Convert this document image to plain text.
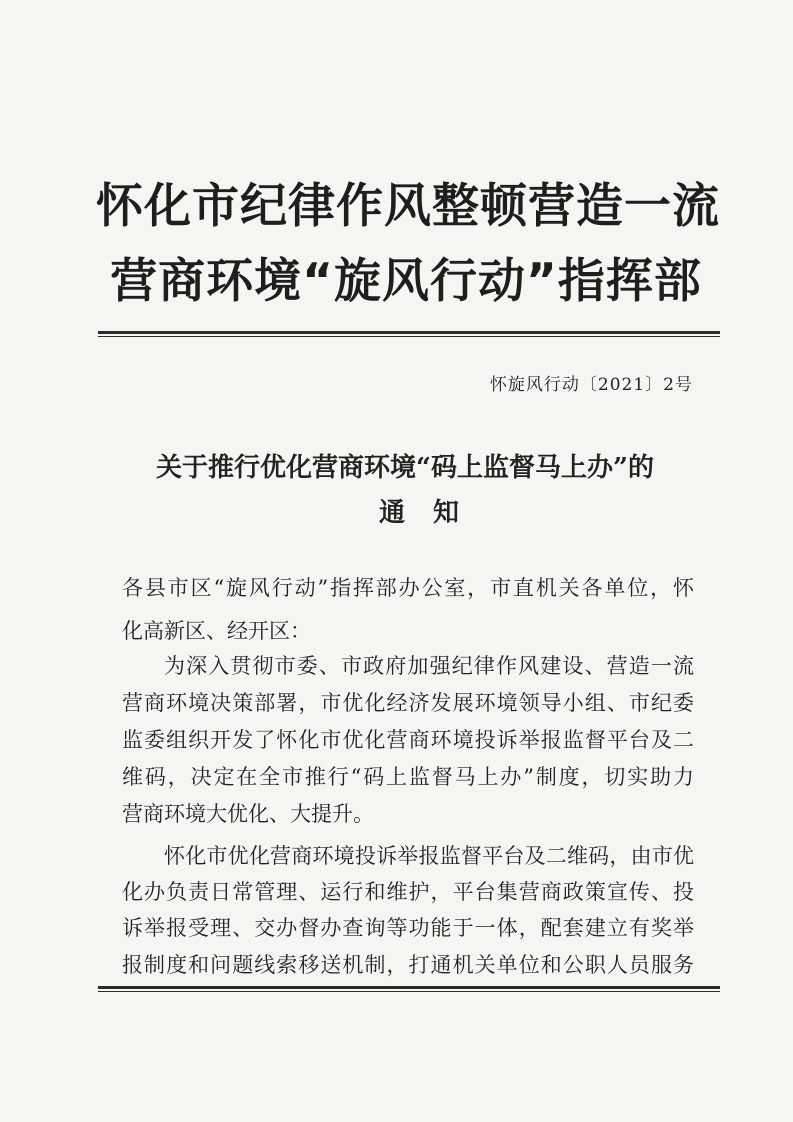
怀化市纪律作风整顿营造一流
营商环境“旋风行动”指挥部
怀旋风行动〔2021〕2号
关于推行优化营商环境“码上监督马上办”的
通知
各县市区“旋风行动”指挥部办公室，市直机关各单位，怀
化高新区、经开区：
为深入贯彻市委、市政府加强纪律作风建设、营造一流
营商环境决策部署，市优化经济发展环境领导小组、市纪委
监委组织开发了怀化市优化营商环境投诉举报监督平台及二
维码，决定在全市推行“码上监督马上办”制度，切实助力
营商环境大优化、大提升。
怀化市优化营商环境投诉举报监督平台及二维码，由市优
化办负责日常管理、运行和维护，平台集营商政策宣传、投
诉举报受理、交办督办查询等功能于一体，配套建立有奖举
报制度和问题线索移送机制，打通机关单位和公职人员服务
